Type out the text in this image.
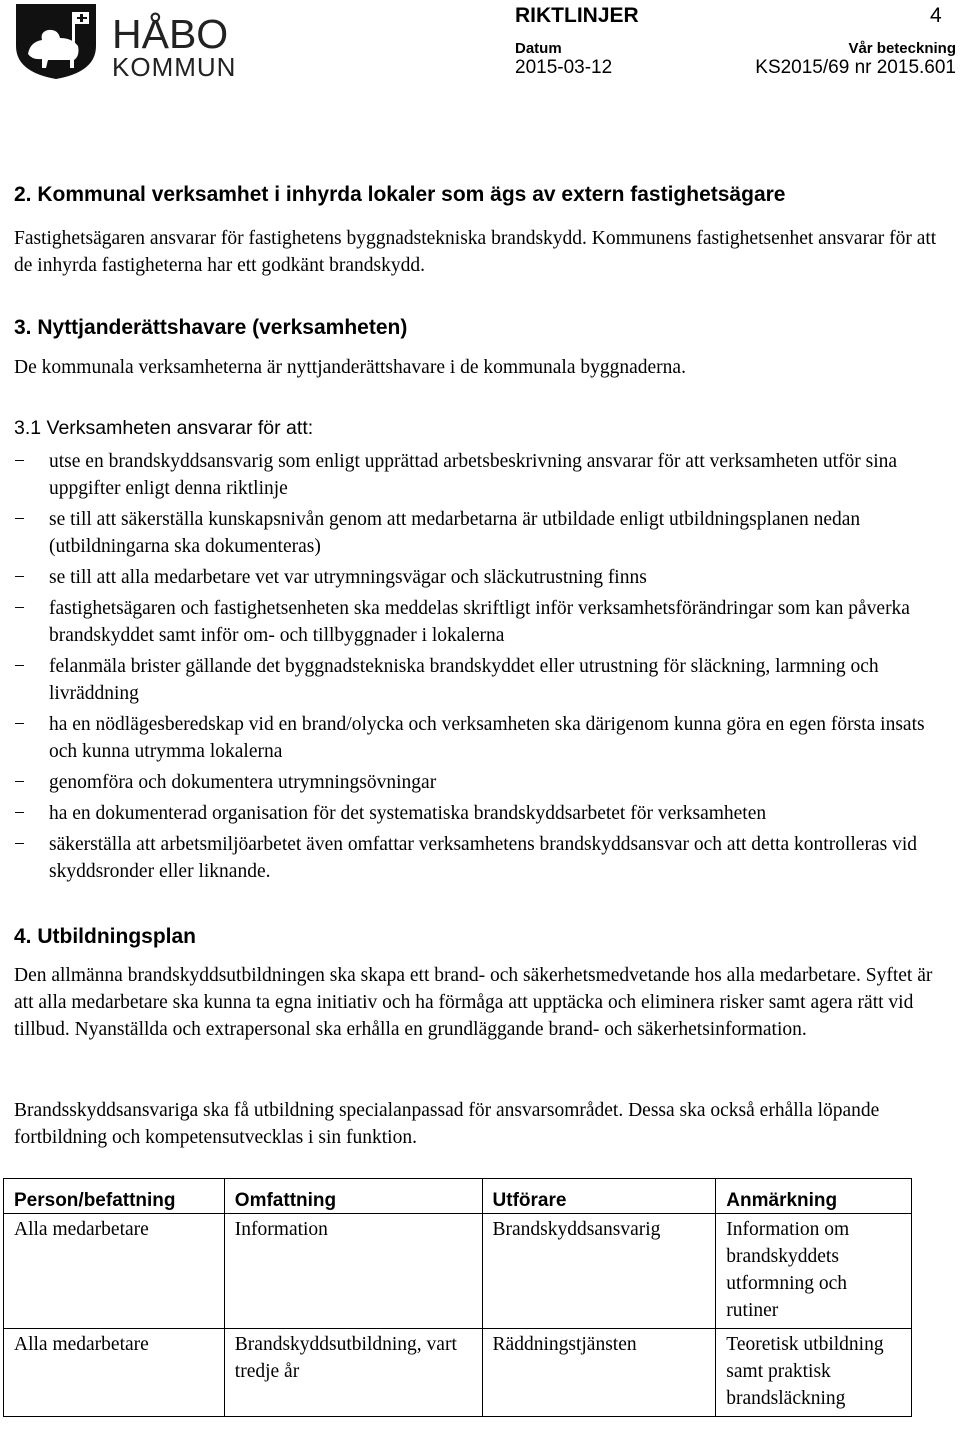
HÅBO
KOMMUN
RIKTLINJER	4
Datum	Vår beteckning
2015-03-12	KS2015/69 nr 2015.601
2. Kommunal verksamhet i inhyrda lokaler som ägs av extern fastighetsägare
Fastighetsägaren ansvarar för fastighetens byggnadstekniska brandskydd. Kommunens fastighetsenhet ansvarar för att de inhyrda fastigheterna har ett godkänt brandskydd.
3. Nyttjanderättshavare (verksamheten)
De kommunala verksamheterna är nyttjanderättshavare i de kommunala byggnaderna.
3.1 Verksamheten ansvarar för att:
− utse en brandskyddsansvarig som enligt upprättad arbetsbeskrivning ansvarar för att verksamheten utför sina uppgifter enligt denna riktlinje
− se till att säkerställa kunskapsnivån genom att medarbetarna är utbildade enligt utbildningsplanen nedan (utbildningarna ska dokumenteras)
− se till att alla medarbetare vet var utrymningsvägar och släckutrustning finns
− fastighetsägaren och fastighetsenheten ska meddelas skriftligt inför verksamhetsförändringar som kan påverka brandskyddet samt inför om- och tillbyggnader i lokalerna
− felanmäla brister gällande det byggnadstekniska brandskyddet eller utrustning för släckning, larmning och livräddning
− ha en nödlägesberedskap vid en brand/olycka och verksamheten ska därigenom kunna göra en egen första insats och kunna utrymma lokalerna
− genomföra och dokumentera utrymningsövningar
− ha en dokumenterad organisation för det systematiska brandskyddsarbetet för verksamheten
− säkerställa att arbetsmiljöarbetet även omfattar verksamhetens brandskyddsansvar och att detta kontrolleras vid skyddsronder eller liknande.
4. Utbildningsplan
Den allmänna brandskyddsutbildningen ska skapa ett brand- och säkerhetsmedvetande hos alla medarbetare. Syftet är att alla medarbetare ska kunna ta egna initiativ och ha förmåga att upptäcka och eliminera risker samt agera rätt vid tillbud. Nyanställda och extrapersonal ska erhålla en grundläggande brand- och säkerhetsinformation.
Brandsskyddsansvariga ska få utbildning specialanpassad för ansvarsområdet. Dessa ska också erhålla löpande fortbildning och kompetensutvecklas i sin funktion.
Person/befattning	Omfattning	Utförare	Anmärkning
Alla medarbetare	Information	Brandskyddsansvarig	Information om brandskyddets utformning och rutiner
Alla medarbetare	Brandskyddsutbildning, vart tredje år	Räddningstjänsten	Teoretisk utbildning samt praktisk brandsläckning
